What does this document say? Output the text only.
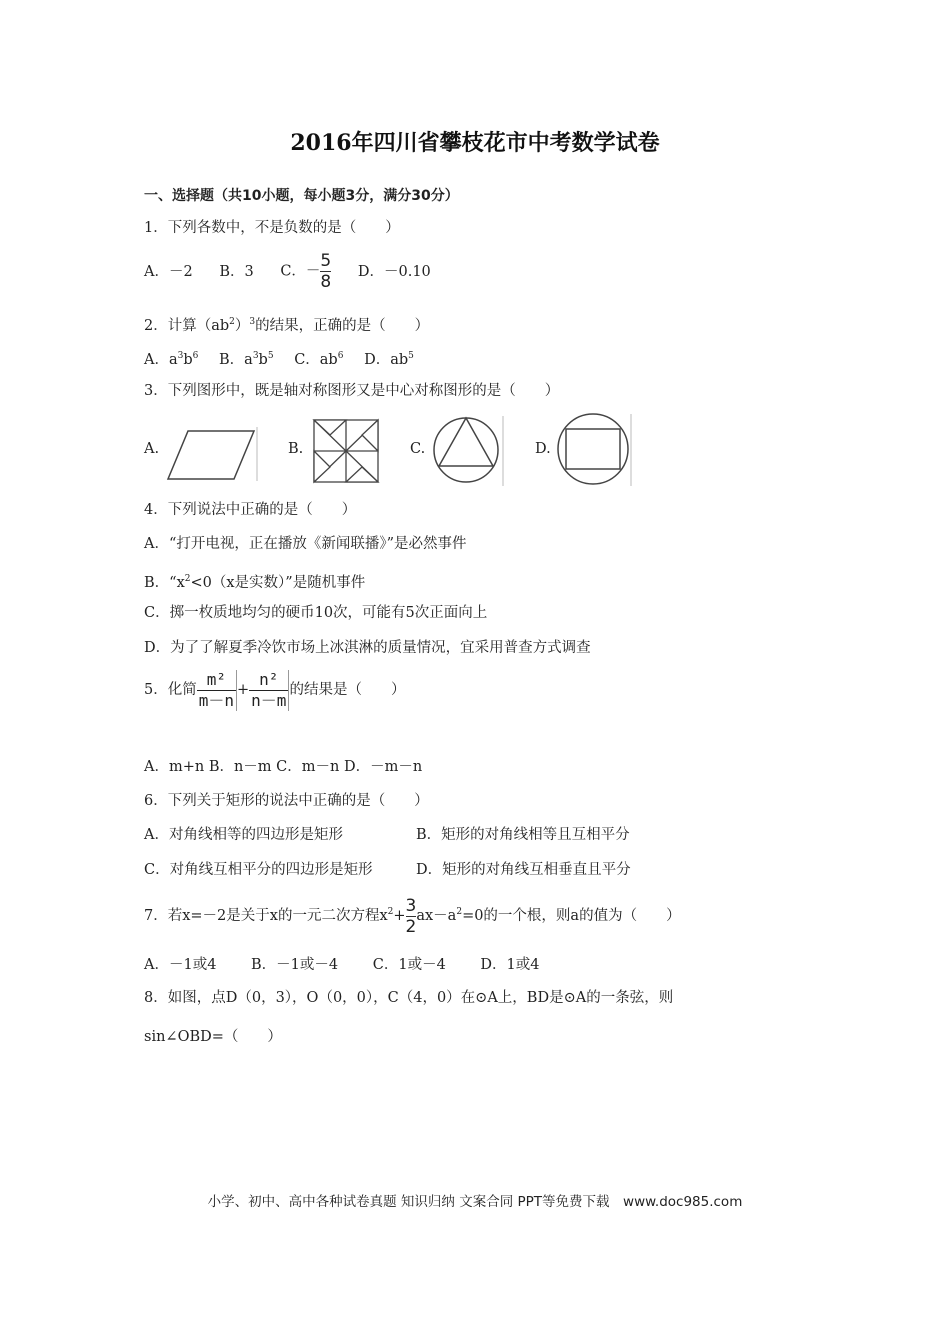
2016年四川省攀枝花市中考数学试卷
一、选择题（共10小题，每小题3分，满分30分）
1．下列各数中，不是负数的是（　　）
A．－2 B．3 C．－ $\frac{5}{8}$ D．－0.10
2．计算$(ab^2)^3$的结果，正确的是（　　）
A．$a^3b^6$ B．$a^3b^5$ C．$ab^6$ D．$ab^5$
3．下列图形中，既是轴对称图形又是中心对称图形的是（　　）
A.	B.	C.	D.
4．下列说法中正确的是（　　）
A．“打开电视，正在播放《新闻联播》”是必然事件
B．“$x^2<0(x$是实数）”是随机事件
C．掷一枚质地均匀的硬币10次，可能有5次正面向上
D．为了了解夏季冷饮市场上冰淇淋的质量情况，宜采用普查方式调查
5．化简 $\frac{\text{m²}}{m-n} + \frac{\text{n²}}{n-m}$ 的结果是（　　）
A．m+n B．n－m C．m－n D．－m－n
6．下列关于矩形的说法中正确的是（　　）
A．对角线相等的四边形是矩形	B．矩形的对角线相等且互相平分
C．对角线互相平分的四边形是矩形	D．矩形的对角线互相垂直且平分
7．若x=－2是关于x的一元二次方程$x^2+ \frac{3}{2} ax-a^2=0$的一个根，则a的值为（　　）
A．－1或4 B．－1或－4 C．1或－4 D．1或4
8．如图，点D（0，3），O（0，0），C（4，0）在⊙A上，BD是⊙A的一条弦，则
sin∠OBD=（　　）
小学、初中、高中各种试卷真题 知识归纳 文案合同 PPT等免费下载　www.doc985.com
